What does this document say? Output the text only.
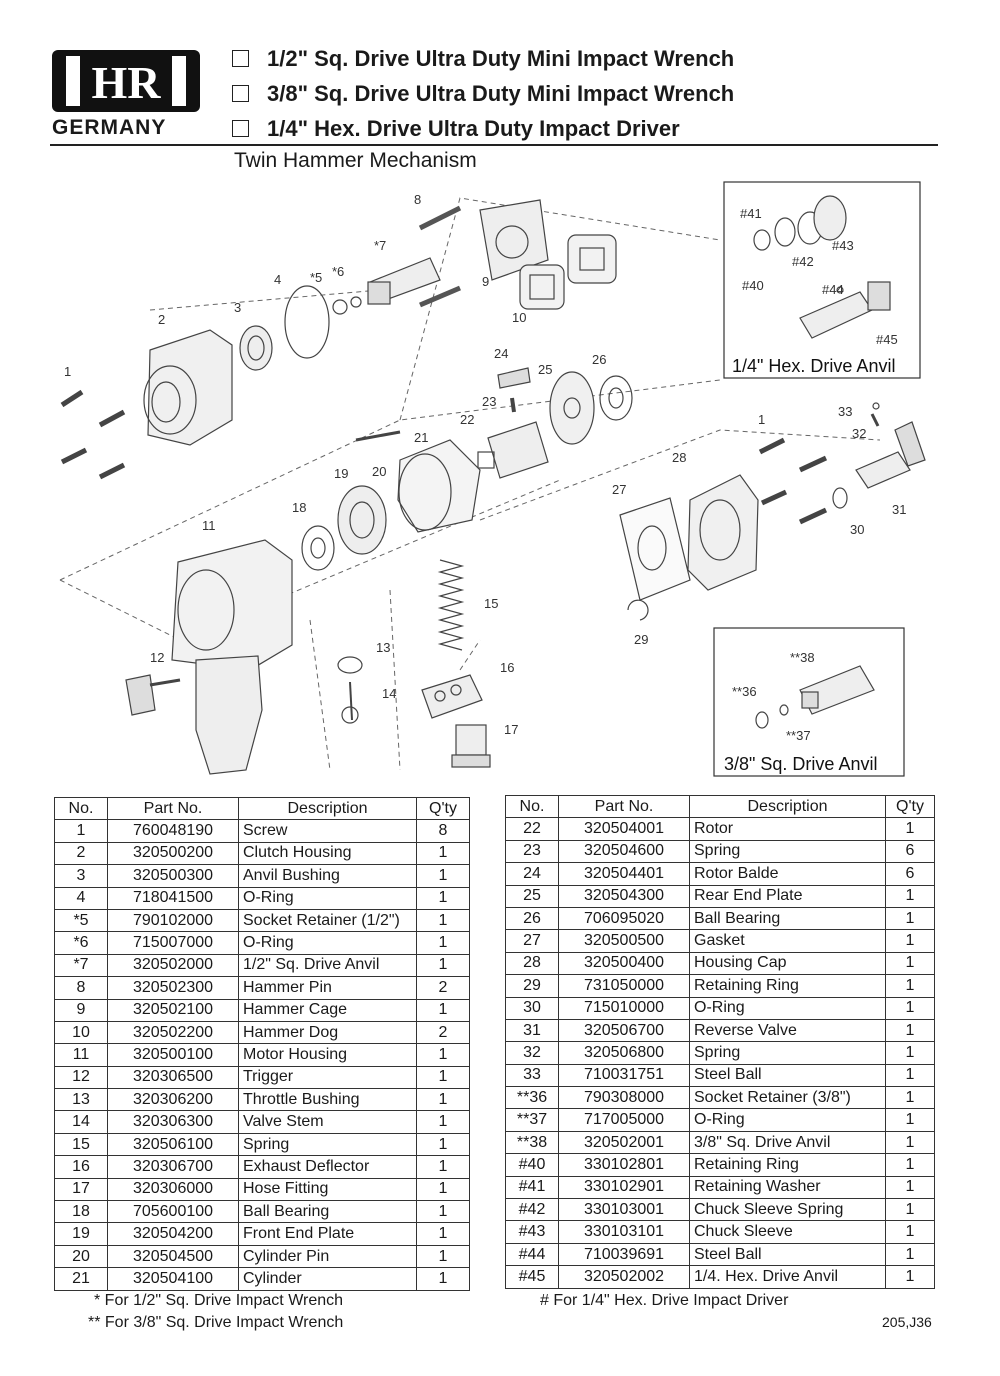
HR
GERMANY
1/2" Sq. Drive Ultra Duty Mini Impact Wrench
3/8" Sq. Drive Ultra Duty Mini Impact Wrench
1/4" Hex. Drive Ultra Duty Impact Driver
Twin Hammer Mechanism
8
*7
*5 *6
4
3
2
1
9
10
24
25
26
23
22
21
20
19
18
11
12
13
14
15
16
17
27
28
29
30
31
32
33
1
#41
#40
#42
#43
#44
#45
1/4" Hex. Drive Anvil
**38
**36
**37
3/8" Sq. Drive Anvil
No.	Part No.	Description	Q'ty
1	760048190	Screw	8
2	320500200	Clutch Housing	1
3	320500300	Anvil Bushing	1
4	718041500	O-Ring	1
*5	790102000	Socket Retainer (1/2")	1
*6	715007000	O-Ring	1
*7	320502000	1/2" Sq. Drive Anvil	1
8	320502300	Hammer Pin	2
9	320502100	Hammer Cage	1
10	320502200	Hammer Dog	2
11	320500100	Motor Housing	1
12	320306500	Trigger	1
13	320306200	Throttle Bushing	1
14	320306300	Valve Stem	1
15	320506100	Spring	1
16	320306700	Exhaust Deflector	1
17	320306000	Hose Fitting	1
18	705600100	Ball Bearing	1
19	320504200	Front End Plate	1
20	320504500	Cylinder Pin	1
21	320504100	Cylinder	1
No.	Part No.	Description	Q'ty
22	320504001	Rotor	1
23	320504600	Spring	6
24	320504401	Rotor Balde	6
25	320504300	Rear End Plate	1
26	706095020	Ball Bearing	1
27	320500500	Gasket	1
28	320500400	Housing Cap	1
29	731050000	Retaining Ring	1
30	715010000	O-Ring	1
31	320506700	Reverse Valve	1
32	320506800	Spring	1
33	710031751	Steel Ball	1
**36	790308000	Socket Retainer (3/8")	1
**37	717005000	O-Ring	1
**38	320502001	3/8" Sq. Drive Anvil	1
#40	330102801	Retaining Ring	1
#41	330102901	Retaining Washer	1
#42	330103001	Chuck Sleeve Spring	1
#43	330103101	Chuck Sleeve	1
#44	710039691	Steel Ball	1
#45	320502002	1/4. Hex. Drive Anvil	1
* For 1/2" Sq. Drive Impact Wrench
** For 3/8" Sq. Drive Impact Wrench
# For 1/4" Hex. Drive Impact Driver
205,J36
